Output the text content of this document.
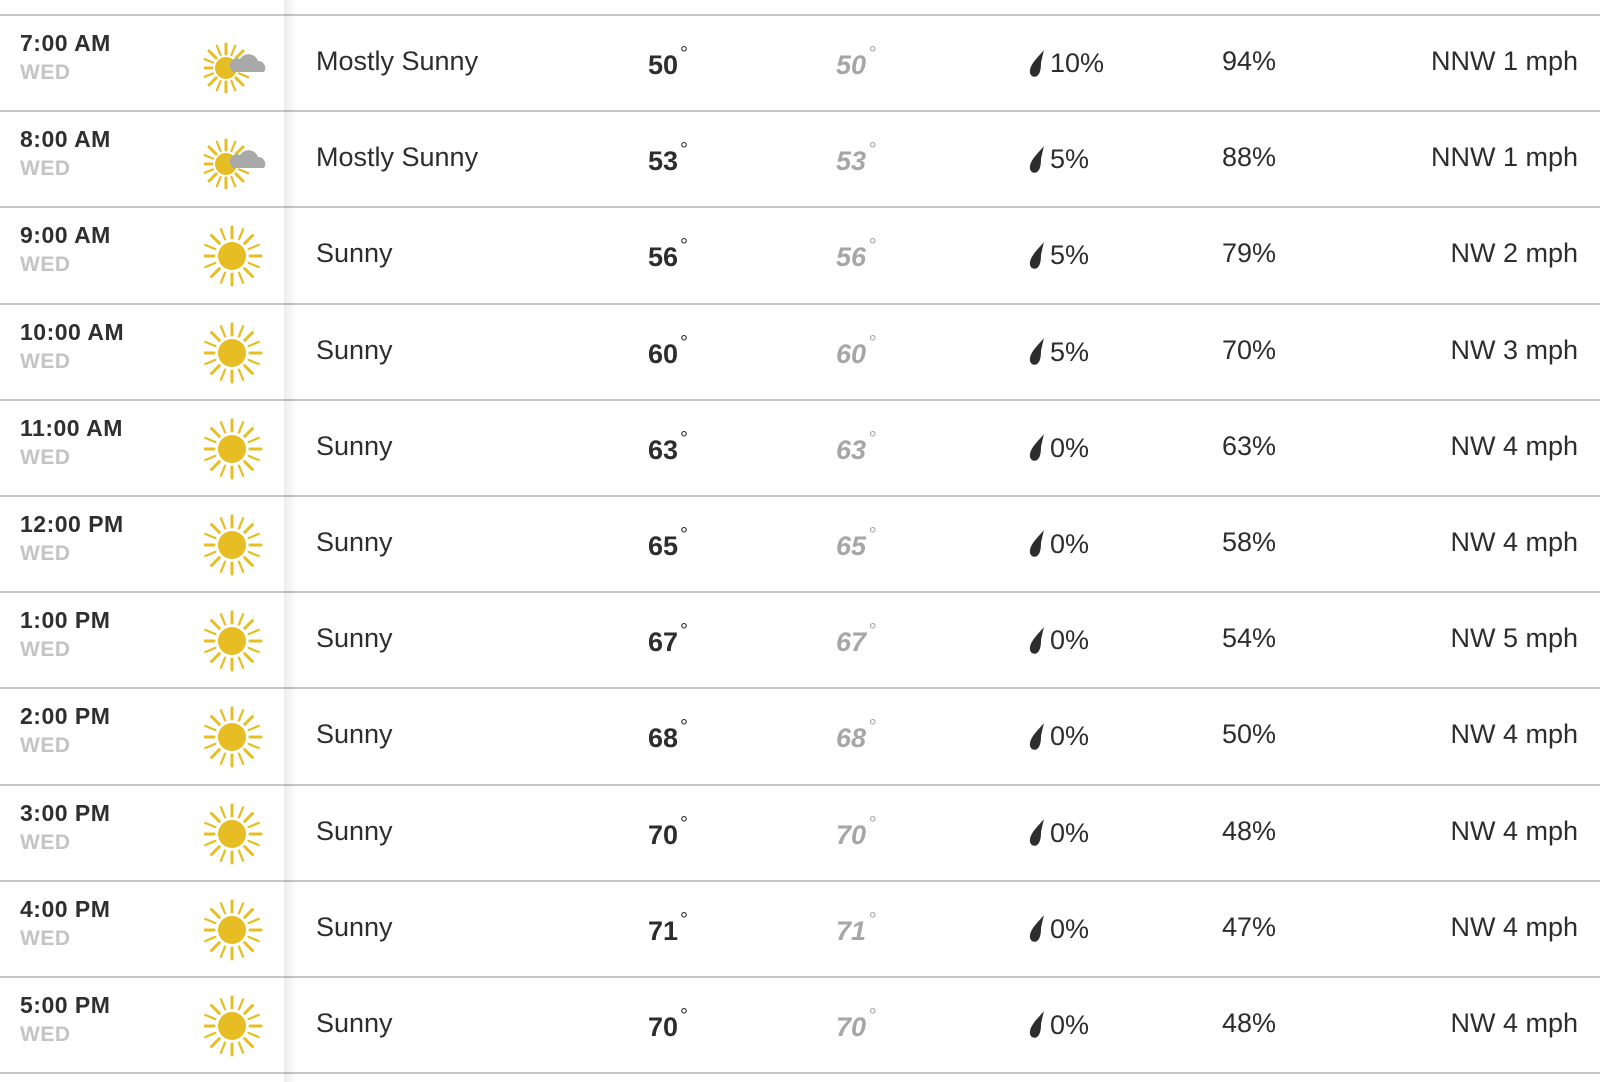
7:00 AM
WED	Mostly Sunny	50 °	50 °	10%	94%	NNW 1 mph
8:00 AM
WED	Mostly Sunny	53 °	53 °	5%	88%	NNW 1 mph
9:00 AM
WED	Sunny	56 °	56 °	5%	79%	NW 2 mph
10:00 AM
WED	Sunny	60 °	60 °	5%	70%	NW 3 mph
11:00 AM
WED	Sunny	63 °	63 °	0%	63%	NW 4 mph
12:00 PM
WED	Sunny	65 °	65 °	0%	58%	NW 4 mph
1:00 PM
WED	Sunny	67 °	67 °	0%	54%	NW 5 mph
2:00 PM
WED	Sunny	68 °	68 °	0%	50%	NW 4 mph
3:00 PM
WED	Sunny	70 °	70 °	0%	48%	NW 4 mph
4:00 PM
WED	Sunny	71 °	71 °	0%	47%	NW 4 mph
5:00 PM
WED	Sunny	70 °	70 °	0%	48%	NW 4 mph
